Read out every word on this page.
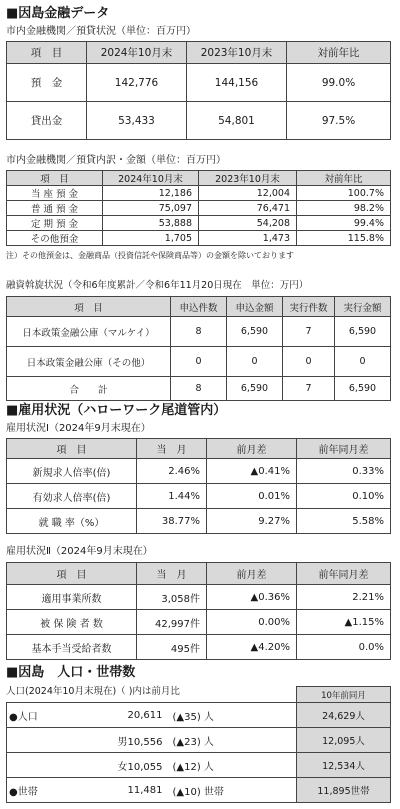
■因島金融データ
市内金融機関／預貸状況（単位：百万円）
項　目	2024年10月末	2023年10月末	対前年比
預　金	142,776	144,156	99.0%
貸出金	53,433	54,801	97.5%
市内金融機関／預貸内訳・金額（単位：百万円）
項　目	2024年10月末	2023年10月末	対前年比
当 座 預 金	12,186	12,004	100.7%
普 通 預 金	75,097	76,471	98.2%
定 期 預 金	53,888	54,208	99.4%
その他預金	1,705	1,473	115.8%
注）その他預金は、金融商品（投資信託や保険商品等）の金額を除いております
融資斡旋状況（令和6年度累計／令和6年11月20日現在　単位：万円）
項　目	申込件数	申込金額	実行件数	実行金額
日本政策金融公庫（マルケイ）	8	6,590	7	6,590
日本政策金融公庫（その他）	0	0	0	0
合　　計	8	6,590	7	6,590
■雇用状況（ハローワーク尾道管内）
雇用状況Ⅰ（2024年9月末現在）
項　目	当　月	前月差	前年同月差
新規求人倍率(倍)	2.46%	▲0.41%	0.33%
有効求人倍率(倍)	1.44%	0.01%	0.10%
就 職 率（%）	38.77%	9.27%	5.58%
雇用状況Ⅱ（2024年9月末現在）
項　目	当　月	前月差	前年同月差
適用事業所数	3,058件	▲0.36%	2.21%
被 保 険 者 数	42,997件	0.00%	▲1.15%
基本手当受給者数	495件	▲4.20%	0.0%
■因島　人口・世帯数
人口(2024年10月末現在)（ )内は前月比
					10年前同月
●人口	20,611	(▲35) 人		24,629人
	男10,556	(▲23) 人		12,095人
	女10,055	(▲12) 人		12,534人
●世帯	11,481	(▲10) 世帯		11,895世帯
